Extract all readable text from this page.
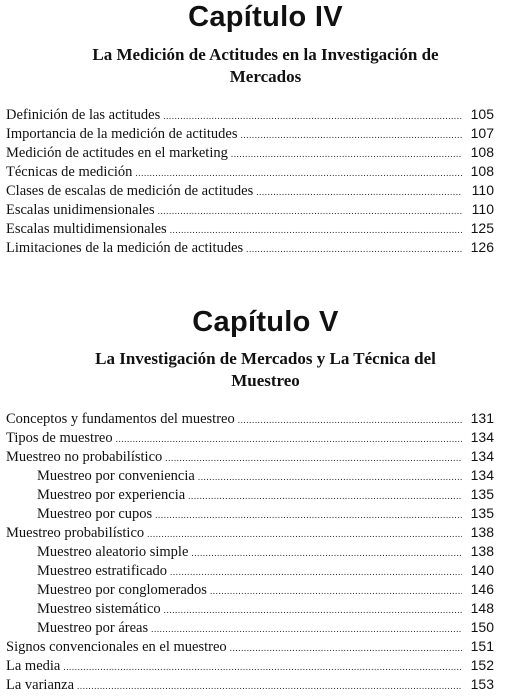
Capítulo IV
La Medición de Actitudes en la Investigación de
Mercados
Definición de las actitudes .....	105
Importancia de la medición de actitudes .....	107
Medición de actitudes en el marketing .....	108
Técnicas de medición .....	108
Clases de escalas de medición de actitudes .....	110
Escalas unidimensionales .....	110
Escalas multidimensionales .....	125
Limitaciones de la medición de actitudes .....	126
Capítulo V
La Investigación de Mercados y La Técnica del
Muestreo
Conceptos y fundamentos del muestreo .....	131
Tipos de muestreo .....	134
Muestreo no probabilístico .....	134
Muestreo por conveniencia .....	134
Muestreo por experiencia .....	135
Muestreo por cupos .....	135
Muestreo probabilístico .....	138
Muestreo aleatorio simple .....	138
Muestreo estratificado .....	140
Muestreo por conglomerados .....	146
Muestreo sistemático .....	148
Muestreo por áreas .....	150
Signos convencionales en el muestreo .....	151
La media .....	152
La varianza .....	153
